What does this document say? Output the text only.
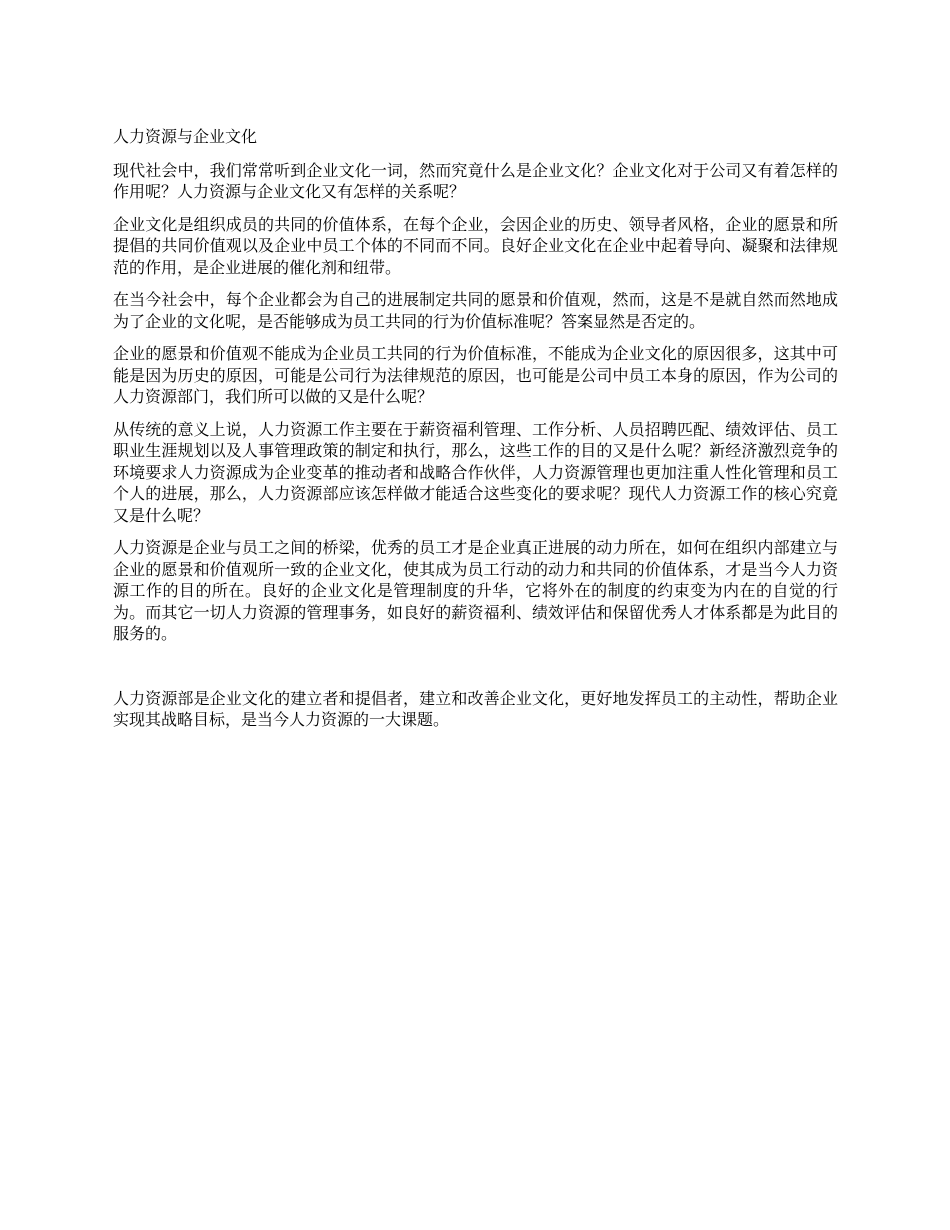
人力资源与企业文化

现代社会中，我们常常听到企业文化一词，然而究竟什么是企业文化？企业文化对于公司又有着怎样的作用呢？人力资源与企业文化又有怎样的关系呢？

企业文化是组织成员的共同的价值体系，在每个企业，会因企业的历史、领导者风格，企业的愿景和所提倡的共同价值观以及企业中员工个体的不同而不同。良好企业文化在企业中起着导向、凝聚和法律规范的作用，是企业进展的催化剂和纽带。

在当今社会中，每个企业都会为自己的进展制定共同的愿景和价值观，然而，这是不是就自然而然地成为了企业的文化呢，是否能够成为员工共同的行为价值标准呢？答案显然是否定的。

企业的愿景和价值观不能成为企业员工共同的行为价值标准，不能成为企业文化的原因很多，这其中可能是因为历史的原因，可能是公司行为法律规范的原因，也可能是公司中员工本身的原因，作为公司的人力资源部门，我们所可以做的又是什么呢？

从传统的意义上说，人力资源工作主要在于薪资福利管理、工作分析、人员招聘匹配、绩效评估、员工职业生涯规划以及人事管理政策的制定和执行，那么，这些工作的目的又是什么呢？新经济激烈竞争的环境要求人力资源成为企业变革的推动者和战略合作伙伴，人力资源管理也更加注重人性化管理和员工个人的进展，那么，人力资源部应该怎样做才能适合这些变化的要求呢？现代人力资源工作的核心究竟又是什么呢？

人力资源是企业与员工之间的桥梁，优秀的员工才是企业真正进展的动力所在，如何在组织内部建立与企业的愿景和价值观所一致的企业文化，使其成为员工行动的动力和共同的价值体系，才是当今人力资源工作的目的所在。良好的企业文化是管理制度的升华，它将外在的制度的约束变为内在的自觉的行为。而其它一切人力资源的管理事务，如良好的薪资福利、绩效评估和保留优秀人才体系都是为此目的服务的。

人力资源部是企业文化的建立者和提倡者，建立和改善企业文化，更好地发挥员工的主动性，帮助企业实现其战略目标，是当今人力资源的一大课题。
